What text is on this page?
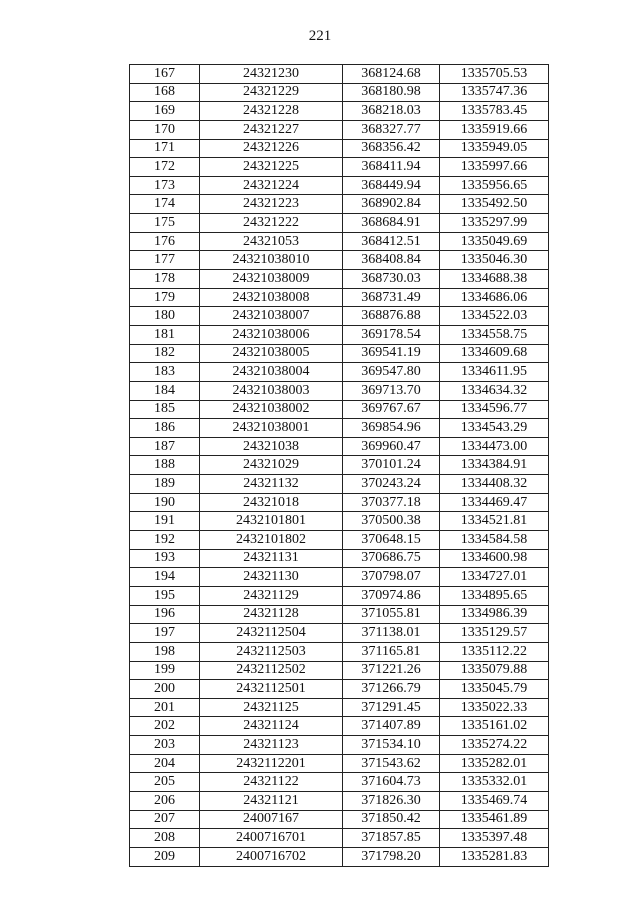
221
167	24321230	368124.68	1335705.53
168	24321229	368180.98	1335747.36
169	24321228	368218.03	1335783.45
170	24321227	368327.77	1335919.66
171	24321226	368356.42	1335949.05
172	24321225	368411.94	1335997.66
173	24321224	368449.94	1335956.65
174	24321223	368902.84	1335492.50
175	24321222	368684.91	1335297.99
176	24321053	368412.51	1335049.69
177	24321038010	368408.84	1335046.30
178	24321038009	368730.03	1334688.38
179	24321038008	368731.49	1334686.06
180	24321038007	368876.88	1334522.03
181	24321038006	369178.54	1334558.75
182	24321038005	369541.19	1334609.68
183	24321038004	369547.80	1334611.95
184	24321038003	369713.70	1334634.32
185	24321038002	369767.67	1334596.77
186	24321038001	369854.96	1334543.29
187	24321038	369960.47	1334473.00
188	24321029	370101.24	1334384.91
189	24321132	370243.24	1334408.32
190	24321018	370377.18	1334469.47
191	2432101801	370500.38	1334521.81
192	2432101802	370648.15	1334584.58
193	24321131	370686.75	1334600.98
194	24321130	370798.07	1334727.01
195	24321129	370974.86	1334895.65
196	24321128	371055.81	1334986.39
197	2432112504	371138.01	1335129.57
198	2432112503	371165.81	1335112.22
199	2432112502	371221.26	1335079.88
200	2432112501	371266.79	1335045.79
201	24321125	371291.45	1335022.33
202	24321124	371407.89	1335161.02
203	24321123	371534.10	1335274.22
204	2432112201	371543.62	1335282.01
205	24321122	371604.73	1335332.01
206	24321121	371826.30	1335469.74
207	24007167	371850.42	1335461.89
208	2400716701	371857.85	1335397.48
209	2400716702	371798.20	1335281.83
